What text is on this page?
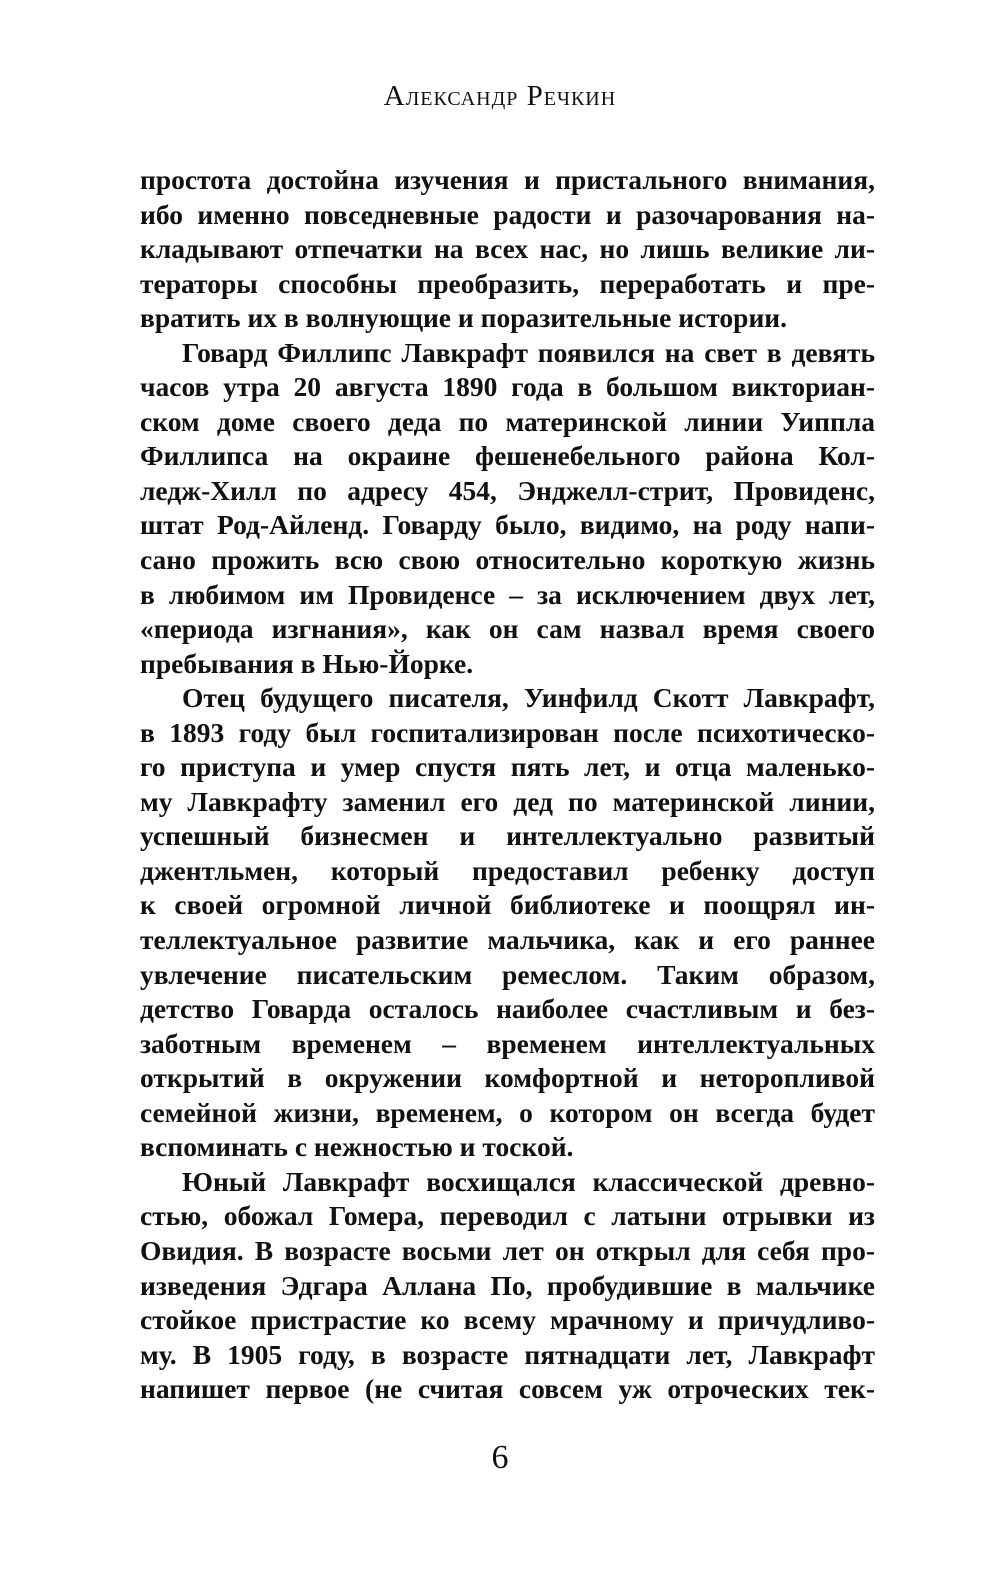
Александр Речкин
простота достойна изучения и пристального внимания,
ибо именно повседневные радости и разочарования на-
кладывают отпечатки на всех нас, но лишь великие ли-
тераторы способны преобразить, переработать и пре-
вратить их в волнующие и поразительные истории.
Говард Филлипс Лавкрафт появился на свет в девять
часов утра 20 августа 1890 года в большом викториан-
ском доме своего деда по материнской линии Уиппла
Филлипса на окраине фешенебельного района Кол-
ледж-Хилл по адресу 454, Энджелл-стрит, Провиденс,
штат Род-Айленд. Говарду было, видимо, на роду напи-
сано прожить всю свою относительно короткую жизнь
в любимом им Провиденсе – за исключением двух лет,
«периода изгнания», как он сам назвал время своего
пребывания в Нью-Йорке.
Отец будущего писателя, Уинфилд Скотт Лавкрафт,
в 1893 году был госпитализирован после психотическо-
го приступа и умер спустя пять лет, и отца маленько-
му Лавкрафту заменил его дед по материнской линии,
успешный бизнесмен и интеллектуально развитый
джентльмен, который предоставил ребенку доступ
к своей огромной личной библиотеке и поощрял ин-
теллектуальное развитие мальчика, как и его раннее
увлечение писательским ремеслом. Таким образом,
детство Говарда осталось наиболее счастливым и без-
заботным временем – временем интеллектуальных
открытий в окружении комфортной и неторопливой
семейной жизни, временем, о котором он всегда будет
вспоминать с нежностью и тоской.
Юный Лавкрафт восхищался классической древно-
стью, обожал Гомера, переводил с латыни отрывки из
Овидия. В возрасте восьми лет он открыл для себя про-
изведения Эдгара Аллана По, пробудившие в мальчике
стойкое пристрастие ко всему мрачному и причудливо-
му. В 1905 году, в возрасте пятнадцати лет, Лавкрафт
напишет первое (не считая совсем уж отроческих тек-
6
